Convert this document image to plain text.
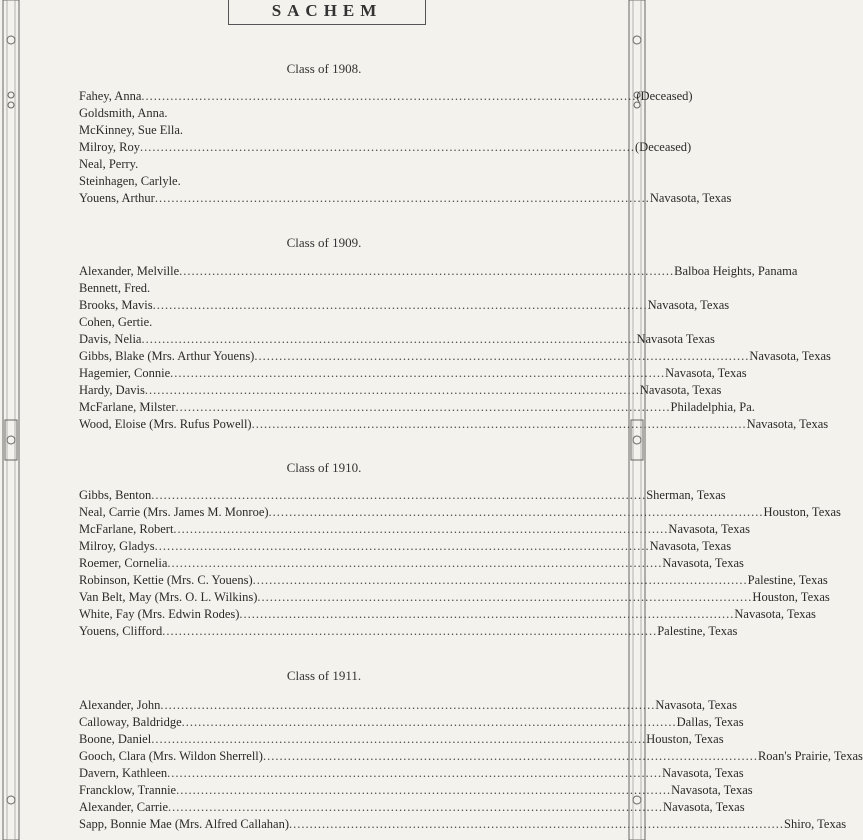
SACHEM
Class of 1908.
Fahey, Anna ........................................................................................................................ (Deceased)
Goldsmith, Anna.
McKinney, Sue Ella.
Milroy, Roy ........................................................................................................................ (Deceased)
Neal, Perry.
Steinhagen, Carlyle.
Youens, Arthur ........................................................................................................................ Navasota, Texas
Class of 1909.
Alexander, Melville ........................................................................................................................ Balboa Heights, Panama
Bennett, Fred.
Brooks, Mavis ........................................................................................................................ Navasota, Texas
Cohen, Gertie.
Davis, Nelia ........................................................................................................................ Navasota Texas
Gibbs, Blake (Mrs. Arthur Youens) ........................................................................................................................ Navasota, Texas
Hagemier, Connie ........................................................................................................................ Navasota, Texas
Hardy, Davis ........................................................................................................................ Navasota, Texas
McFarlane, Milster ........................................................................................................................ Philadelphia, Pa.
Wood, Eloise (Mrs. Rufus Powell) ........................................................................................................................ Navasota, Texas
Class of 1910.
Gibbs, Benton ........................................................................................................................ Sherman, Texas
Neal, Carrie (Mrs. James M. Monroe) ........................................................................................................................ Houston, Texas
McFarlane, Robert ........................................................................................................................ Navasota, Texas
Milroy, Gladys ........................................................................................................................ Navasota, Texas
Roemer, Cornelia ........................................................................................................................ Navasota, Texas
Robinson, Kettie (Mrs. C. Youens) ........................................................................................................................ Palestine, Texas
Van Belt, May (Mrs. O. L. Wilkins) ........................................................................................................................ Houston, Texas
White, Fay (Mrs. Edwin Rodes) ........................................................................................................................ Navasota, Texas
Youens, Clifford ........................................................................................................................ Palestine, Texas
Class of 1911.
Alexander, John ........................................................................................................................ Navasota, Texas
Calloway, Baldridge ........................................................................................................................ Dallas, Texas
Boone, Daniel ........................................................................................................................ Houston, Texas
Gooch, Clara (Mrs. Wildon Sherrell) ........................................................................................................................ Roan's Prairie, Texas
Davern, Kathleen ........................................................................................................................ Navasota, Texas
Francklow, Trannie ........................................................................................................................ Navasota, Texas
Alexander, Carrie ........................................................................................................................ Navasota, Texas
Sapp, Bonnie Mae (Mrs. Alfred Callahan) ........................................................................................................................ Shiro, Texas
